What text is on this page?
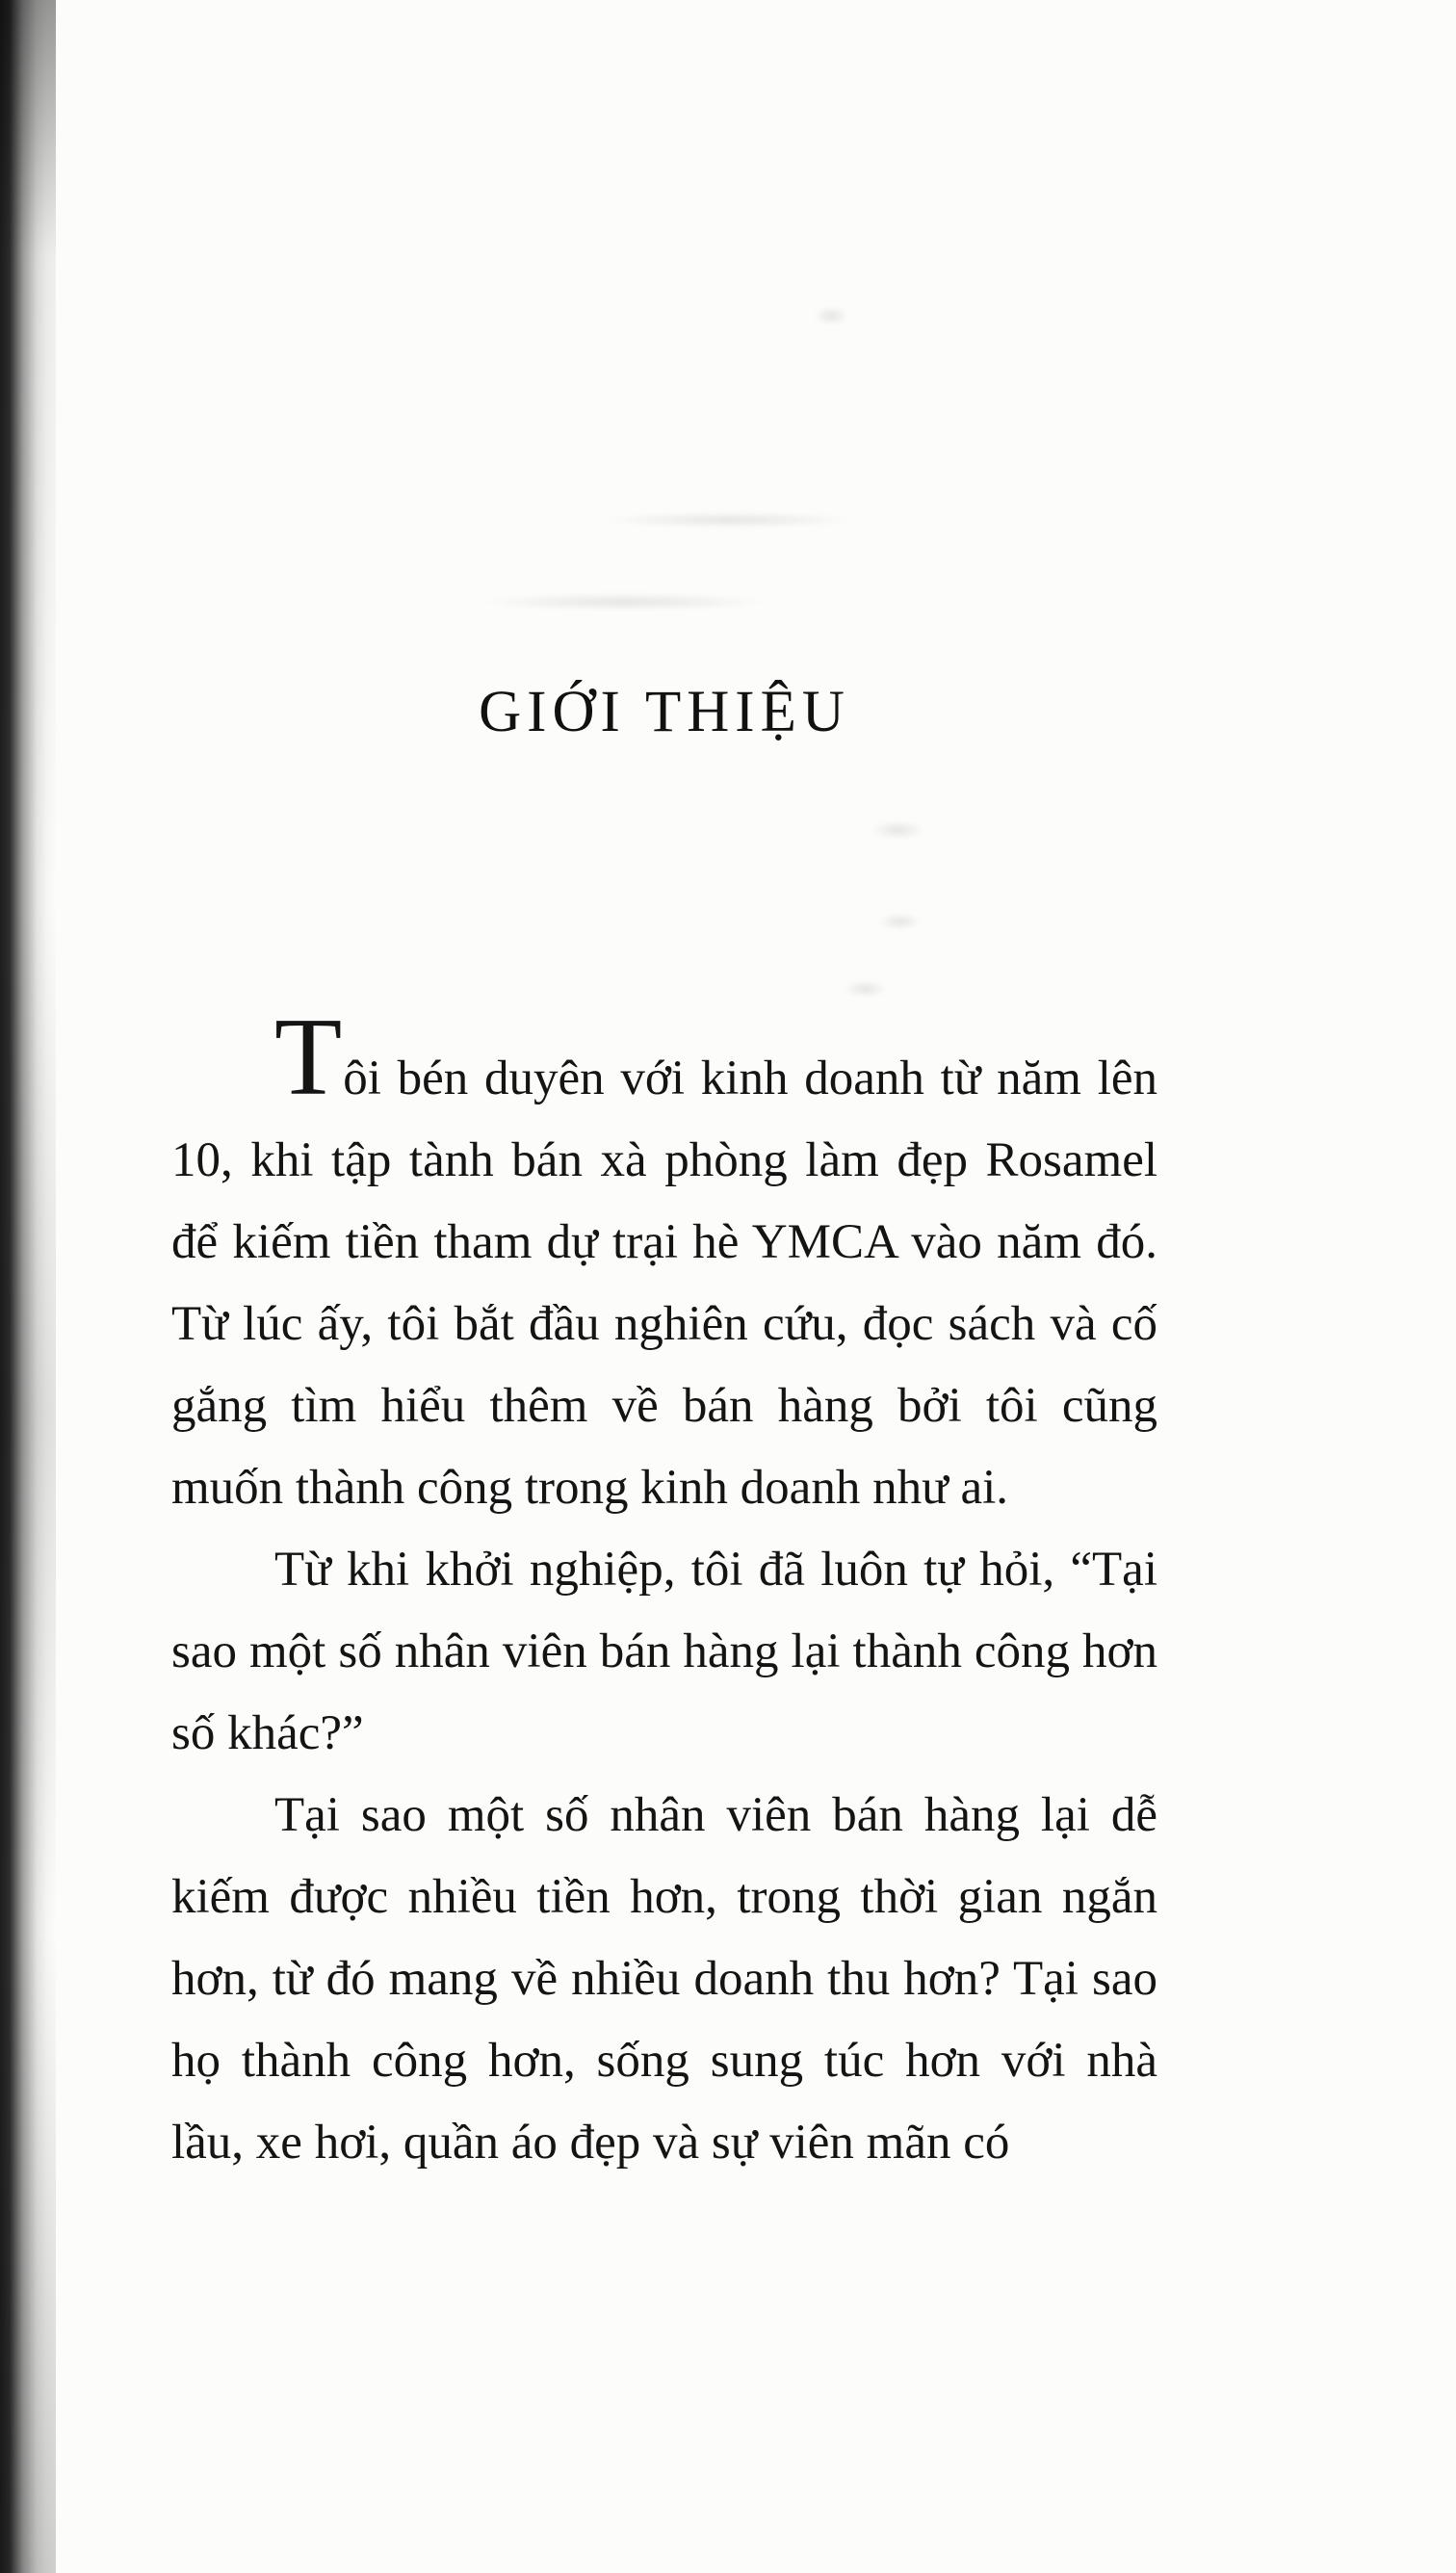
GIỚI THIỆU

Tôi bén duyên với kinh doanh từ năm lên 10, khi tập tành bán xà phòng làm đẹp Rosamel để kiếm tiền tham dự trại hè YMCA vào năm đó. Từ lúc ấy, tôi bắt đầu nghiên cứu, đọc sách và cố gắng tìm hiểu thêm về bán hàng bởi tôi cũng muốn thành công trong kinh doanh như ai.

Từ khi khởi nghiệp, tôi đã luôn tự hỏi, “Tại sao một số nhân viên bán hàng lại thành công hơn số khác?”

Tại sao một số nhân viên bán hàng lại dễ kiếm được nhiều tiền hơn, trong thời gian ngắn hơn, từ đó mang về nhiều doanh thu hơn? Tại sao họ thành công hơn, sống sung túc hơn với nhà lầu, xe hơi, quần áo đẹp và sự viên mãn có
